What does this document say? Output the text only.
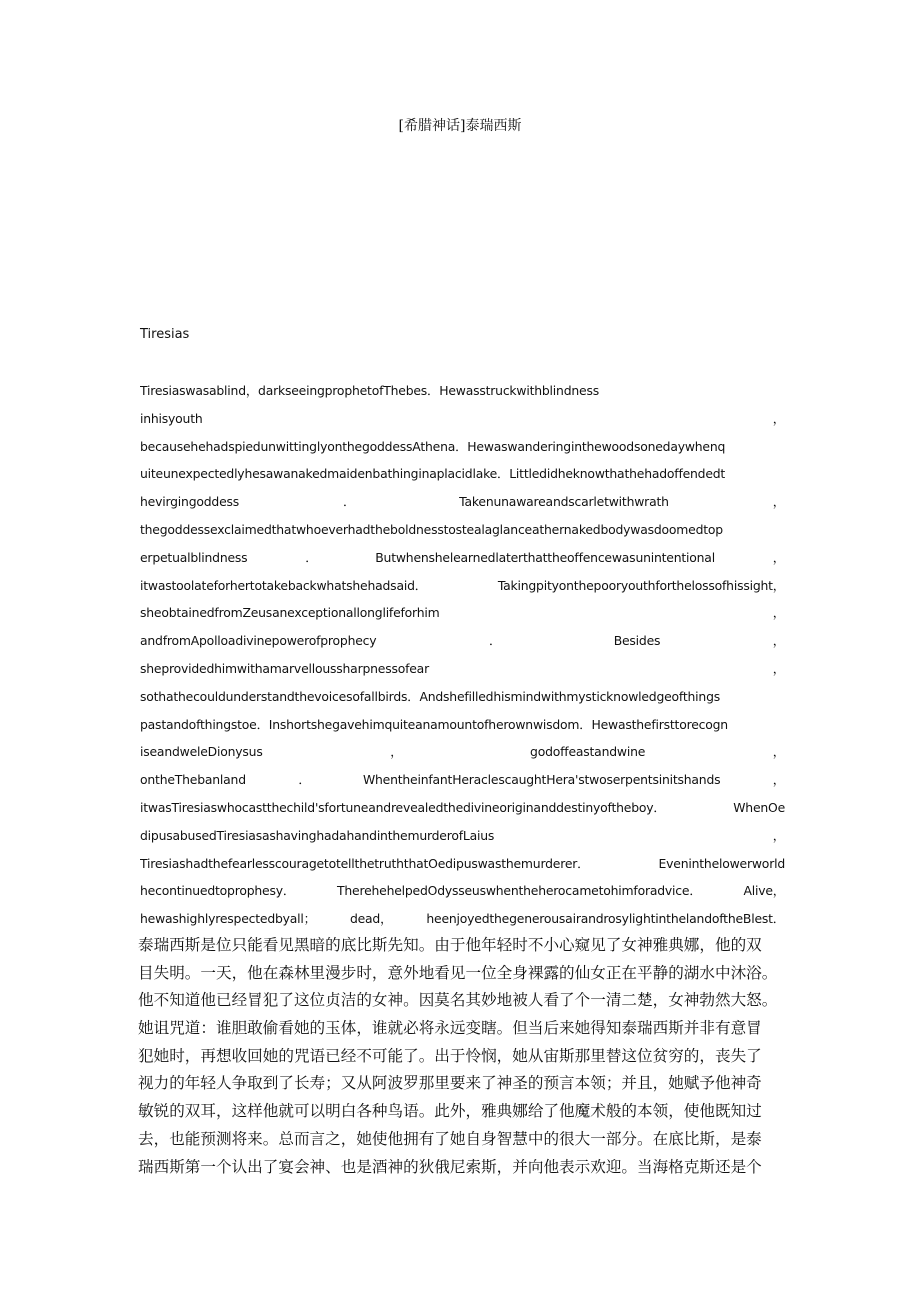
[希腊神话]泰瑞西斯
Tiresias
Tiresiaswasablind，darkseeingprophetofThebes．Hewasstruckwithblindness
inhisyouth	，
becausehehadspiedunwittinglyonthegoddessAthena．Hewaswanderinginthewoodsonedaywhenq
uiteunexpectedlyhesawanakedmaidenbathinginaplacidlake．Littledidheknowthathehadoffendedt
hevirgingoddess	．	Takenunawareandscarletwithwrath	，
thegoddessexclaimedthatwhoeverhadtheboldnesstostealaglanceathernakedbodywasdoomedtop
erpetualblindness	．	Butwhenshelearnedlaterthattheoffencewasunintentional	，
itwastoolateforhertotakebackwhatshehadsaid．	Takingpityonthepooryouthforthelossofhissight，
sheobtainedfromZeusanexceptionallonglifeforhim	，
andfromApolloadivinepowerofprophecy	．	Besides	，
sheprovidedhimwithamarvelloussharpnessofear	，
sothathecouldunderstandthevoicesofallbirds．Andshefilledhismindwithmysticknowledgeofthings
pastandofthingstoe．Inshortshegavehimquiteanamountofherownwisdom．Hewasthefirsttorecogn
iseandweleDionysus	，	godoffeastandwine	，
ontheThebanland	．	WhentheinfantHeraclescaughtHera'stwoserpentsinitshands	，
itwasTiresiaswhocastthechild'sfortuneandrevealedthedivineoriginanddestinyoftheboy．	WhenOe
dipusabusedTiresiasashavinghadahandinthemurderofLaius	，
TiresiashadthefearlesscouragetotellthetruththatOedipuswasthemurderer．	Eveninthelowerworld
hecontinuedtoprophesy．	TherehehelpedOdysseuswhentheherocametohimforadvice．	Alive，
hewashighlyrespectedbyall；	dead，	heenjoyedthegenerousairandrosylightinthelandoftheBlest．
泰瑞西斯是位只能看见黑暗的底比斯先知。由于他年轻时不小心窥见了女神雅典娜，他的双
目失明。一天，他在森林里漫步时，意外地看见一位全身裸露的仙女正在平静的湖水中沐浴。
他不知道他已经冒犯了这位贞洁的女神。因莫名其妙地被人看了个一清二楚，女神勃然大怒。
她诅咒道：谁胆敢偷看她的玉体，谁就必将永远变瞎。但当后来她得知泰瑞西斯并非有意冒
犯她时，再想收回她的咒语已经不可能了。出于怜悯，她从宙斯那里替这位贫穷的，丧失了
视力的年轻人争取到了长寿；又从阿波罗那里要来了神圣的预言本领；并且，她赋予他神奇
敏锐的双耳，这样他就可以明白各种鸟语。此外，雅典娜给了他魔术般的本领，使他既知过
去，也能预测将来。总而言之，她使他拥有了她自身智慧中的很大一部分。在底比斯，是泰
瑞西斯第一个认出了宴会神、也是酒神的狄俄尼索斯，并向他表示欢迎。当海格克斯还是个
